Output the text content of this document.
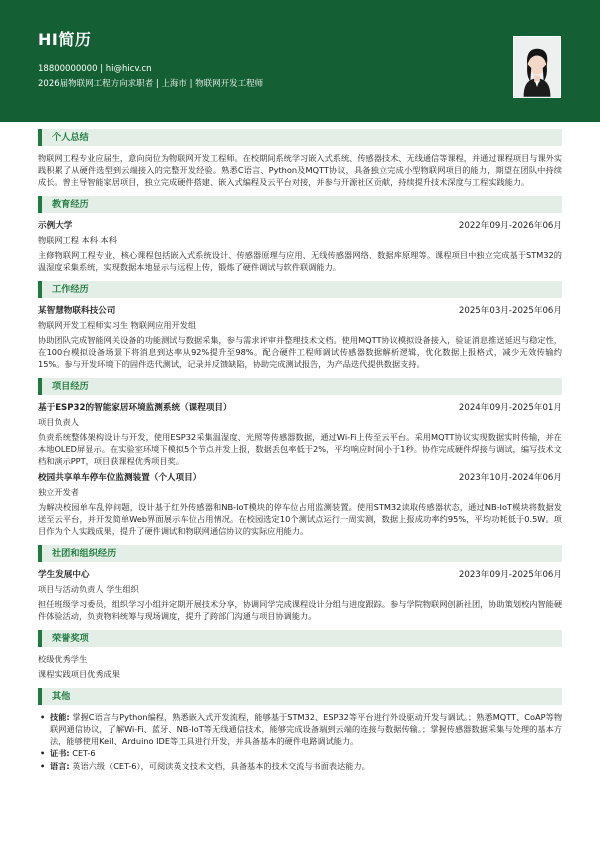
HI简历
18800000000 | hi@hicv.cn
2026届物联网工程方向求职者 | 上海市 | 物联网开发工程师
个人总结

物联网工程专业应届生，意向岗位为物联网开发工程师。在校期间系统学习嵌入式系统、传感器技术、无线通信等课程，并通过课程项目与课外实践积累了从硬件选型到云端接入的完整开发经验。熟悉C语言、Python及MQTT协议，具备独立完成小型物联网项目的能力，期望在团队中持续成长。曾主导智能家居项目，独立完成硬件搭建、嵌入式编程及云平台对接，并参与开源社区贡献，持续提升技术深度与工程实践能力。

教育经历
示例大学	2022年09月-2026年06月
物联网工程 本科 本科

主修物联网工程专业，核心课程包括嵌入式系统设计、传感器原理与应用、无线传感器网络、数据库原理等。课程项目中独立完成基于STM32的温湿度采集系统，实现数据本地显示与远程上传，锻炼了硬件调试与软件联调能力。

工作经历
某智慧物联科技公司	2025年03月-2025年06月
物联网开发工程师实习生 物联网应用开发组

协助团队完成智能网关设备的功能测试与数据采集，参与需求评审并整理技术文档。使用MQTT协议模拟设备接入，验证消息推送延迟与稳定性，在100台模拟设备场景下将消息到达率从92%提升至98%。配合硬件工程师调试传感器数据解析逻辑，优化数据上报格式，减少无效传输约15%。参与开发环境下的固件迭代测试，记录并反馈缺陷，协助完成测试报告，为产品迭代提供数据支持。

项目经历
基于ESP32的智能家居环境监测系统（课程项目）	2024年09月-2025年01月
项目负责人

负责系统整体架构设计与开发，使用ESP32采集温湿度、光照等传感器数据，通过Wi-Fi上传至云平台。采用MQTT协议实现数据实时传输，并在本地OLED屏显示。在实验室环境下模拟5个节点并发上报，数据丢包率低于2%，平均响应时间小于1秒。协作完成硬件焊接与调试，编写技术文档和演示PPT，项目获课程优秀项目奖。

校园共享单车停车位监测装置（个人项目）	2023年10月-2024年06月
独立开发者

为解决校园单车乱停问题，设计基于红外传感器和NB-IoT模块的停车位占用监测装置。使用STM32读取传感器状态，通过NB-IoT模块将数据发送至云平台，并开发简单Web界面展示车位占用情况。在校园选定10个测试点运行一周实测，数据上报成功率约95%，平均功耗低于0.5W。项目作为个人实践成果，提升了硬件调试和物联网通信协议的实际应用能力。

社团和组织经历
学生发展中心	2023年09月-2025年06月
项目与活动负责人 学生组织

担任班级学习委员，组织学习小组并定期开展技术分享，协调同学完成课程设计分组与进度跟踪。参与学院物联网创新社团，协助策划校内智能硬件体验活动，负责物料统筹与现场调度，提升了跨部门沟通与项目协调能力。

荣誉奖项
校级优秀学生
课程实践项目优秀成果
其他
• 技能: 掌握C语言与Python编程，熟悉嵌入式开发流程，能够基于STM32、ESP32等平台进行外设驱动开发与调试。；熟悉MQTT、CoAP等物联网通信协议，了解Wi-Fi、蓝牙、NB-IoT等无线通信技术，能够完成设备端到云端的连接与数据传输。；掌握传感器数据采集与处理的基本方法，能够使用Keil、Arduino IDE等工具进行开发，并具备基本的硬件电路调试能力。
• 证书: CET-6
• 语言: 英语六级（CET-6），可阅读英文技术文档，具备基本的技术交流与书面表达能力。
